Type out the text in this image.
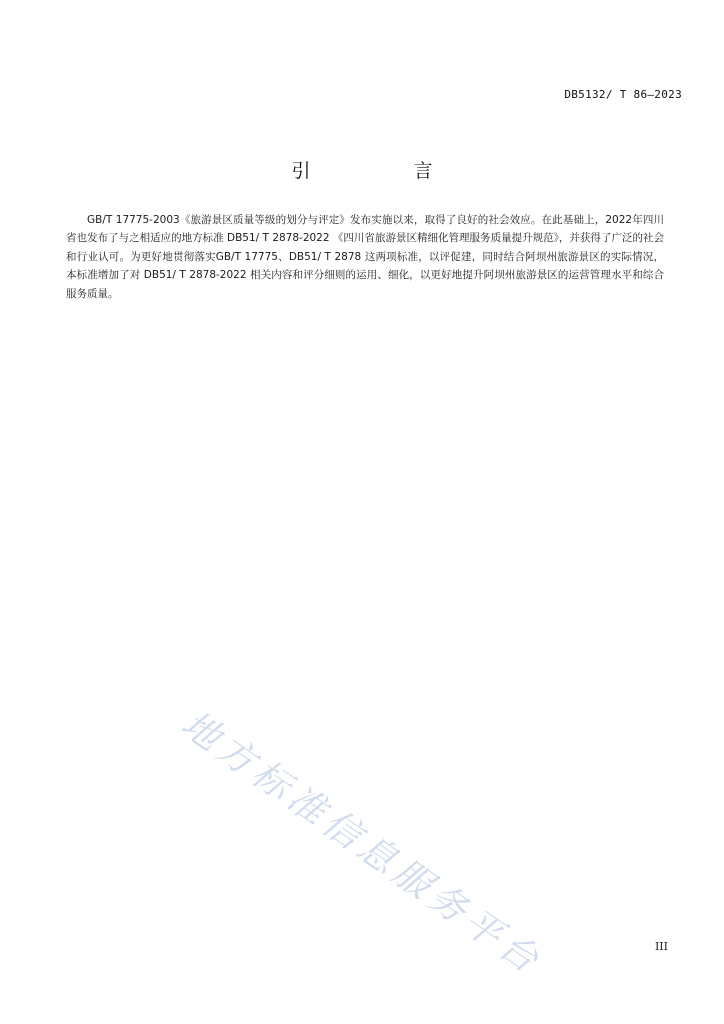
DB5132/ T 86—2023
引　言

GB/T 17775-2003《旅游景区质量等级的划分与评定》发布实施以来，取得了良好的社会效应。在此基础上，2022年四川省也发布了与之相适应的地方标准 DB51/ T 2878-2022 《四川省旅游景区精细化管理服务质量提升规范》，并获得了广泛的社会和行业认可。为更好地贯彻落实GB/T 17775、DB51/ T 2878 这两项标准，以评促建，同时结合阿坝州旅游景区的实际情况，本标准增加了对 DB51/ T 2878-2022 相关内容和评分细则的运用、细化，以更好地提升阿坝州旅游景区的运营管理水平和综合服务质量。

地方标准信息服务平台	III
